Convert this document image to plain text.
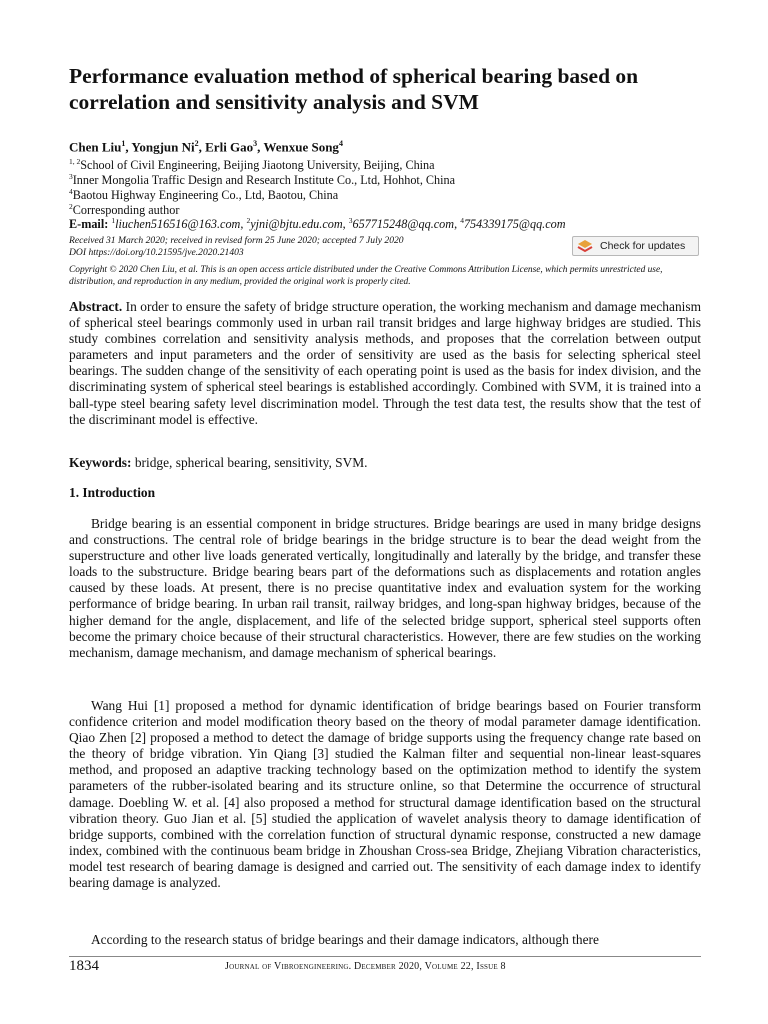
Performance evaluation method of spherical bearing based on correlation and sensitivity analysis and SVM
Chen Liu$^1$, Yongjun Ni$^2$, Erli Gao$^3$, Wenxue Song$^4$
$^{1, 2}$School of Civil Engineering, Beijing Jiaotong University, Beijing, China
$^3$Inner Mongolia Traffic Design and Research Institute Co., Ltd, Hohhot, China
$^4$Baotou Highway Engineering Co., Ltd, Baotou, China
$^2$Corresponding author
E-mail: $^1$liuchen516516@163.com, $^2$yjni@bjtu.edu.com, $^3$657715248@qq.com, $^4$754339175@qq.com
Received 31 March 2020; received in revised form 25 June 2020; accepted 7 July 2020
DOI https://doi.org/10.21595/jve.2020.21403
Check for updates
Copyright © 2020 Chen Liu, et al. This is an open access article distributed under the Creative Commons Attribution License, which permits unrestricted use, distribution, and reproduction in any medium, provided the original work is properly cited.

Abstract. In order to ensure the safety of bridge structure operation, the working mechanism and damage mechanism of spherical steel bearings commonly used in urban rail transit bridges and large highway bridges are studied. This study combines correlation and sensitivity analysis methods, and proposes that the correlation between output parameters and input parameters and the order of sensitivity are used as the basis for selecting spherical steel bearings. The sudden change of the sensitivity of each operating point is used as the basis for index division, and the discriminating system of spherical steel bearings is established accordingly. Combined with SVM, it is trained into a ball-type steel bearing safety level discrimination model. Through the test data test, the results show that the test of the discriminant model is effective.

Keywords: bridge, spherical bearing, sensitivity, SVM.
1. Introduction

Bridge bearing is an essential component in bridge structures. Bridge bearings are used in many bridge designs and constructions. The central role of bridge bearings in the bridge structure is to bear the dead weight from the superstructure and other live loads generated vertically, longitudinally and laterally by the bridge, and transfer these loads to the substructure. Bridge bearing bears part of the deformations such as displacements and rotation angles caused by these loads. At present, there is no precise quantitative index and evaluation system for the working performance of bridge bearing. In urban rail transit, railway bridges, and long-span highway bridges, because of the higher demand for the angle, displacement, and life of the selected bridge support, spherical steel supports often become the primary choice because of their structural characteristics. However, there are few studies on the working mechanism, damage mechanism, and damage mechanism of spherical bearings.

Wang Hui [1] proposed a method for dynamic identification of bridge bearings based on Fourier transform confidence criterion and model modification theory based on the theory of modal parameter damage identification. Qiao Zhen [2] proposed a method to detect the damage of bridge supports using the frequency change rate based on the theory of bridge vibration. Yin Qiang [3] studied the Kalman filter and sequential non-linear least-squares method, and proposed an adaptive tracking technology based on the optimization method to identify the system parameters of the rubber-isolated bearing and its structure online, so that Determine the occurrence of structural damage. Doebling W. et al. [4] also proposed a method for structural damage identification based on the structural vibration theory. Guo Jian et al. [5] studied the application of wavelet analysis theory to damage identification of bridge supports, combined with the correlation function of structural dynamic response, constructed a new damage index, combined with the continuous beam bridge in Zhoushan Cross-sea Bridge, Zhejiang Vibration characteristics, model test research of bearing damage is designed and carried out. The sensitivity of each damage index to identify bearing damage is analyzed.

According to the research status of bridge bearings and their damage indicators, although there

1834	Journal of Vibroengineering. December 2020, Volume 22, Issue 8
